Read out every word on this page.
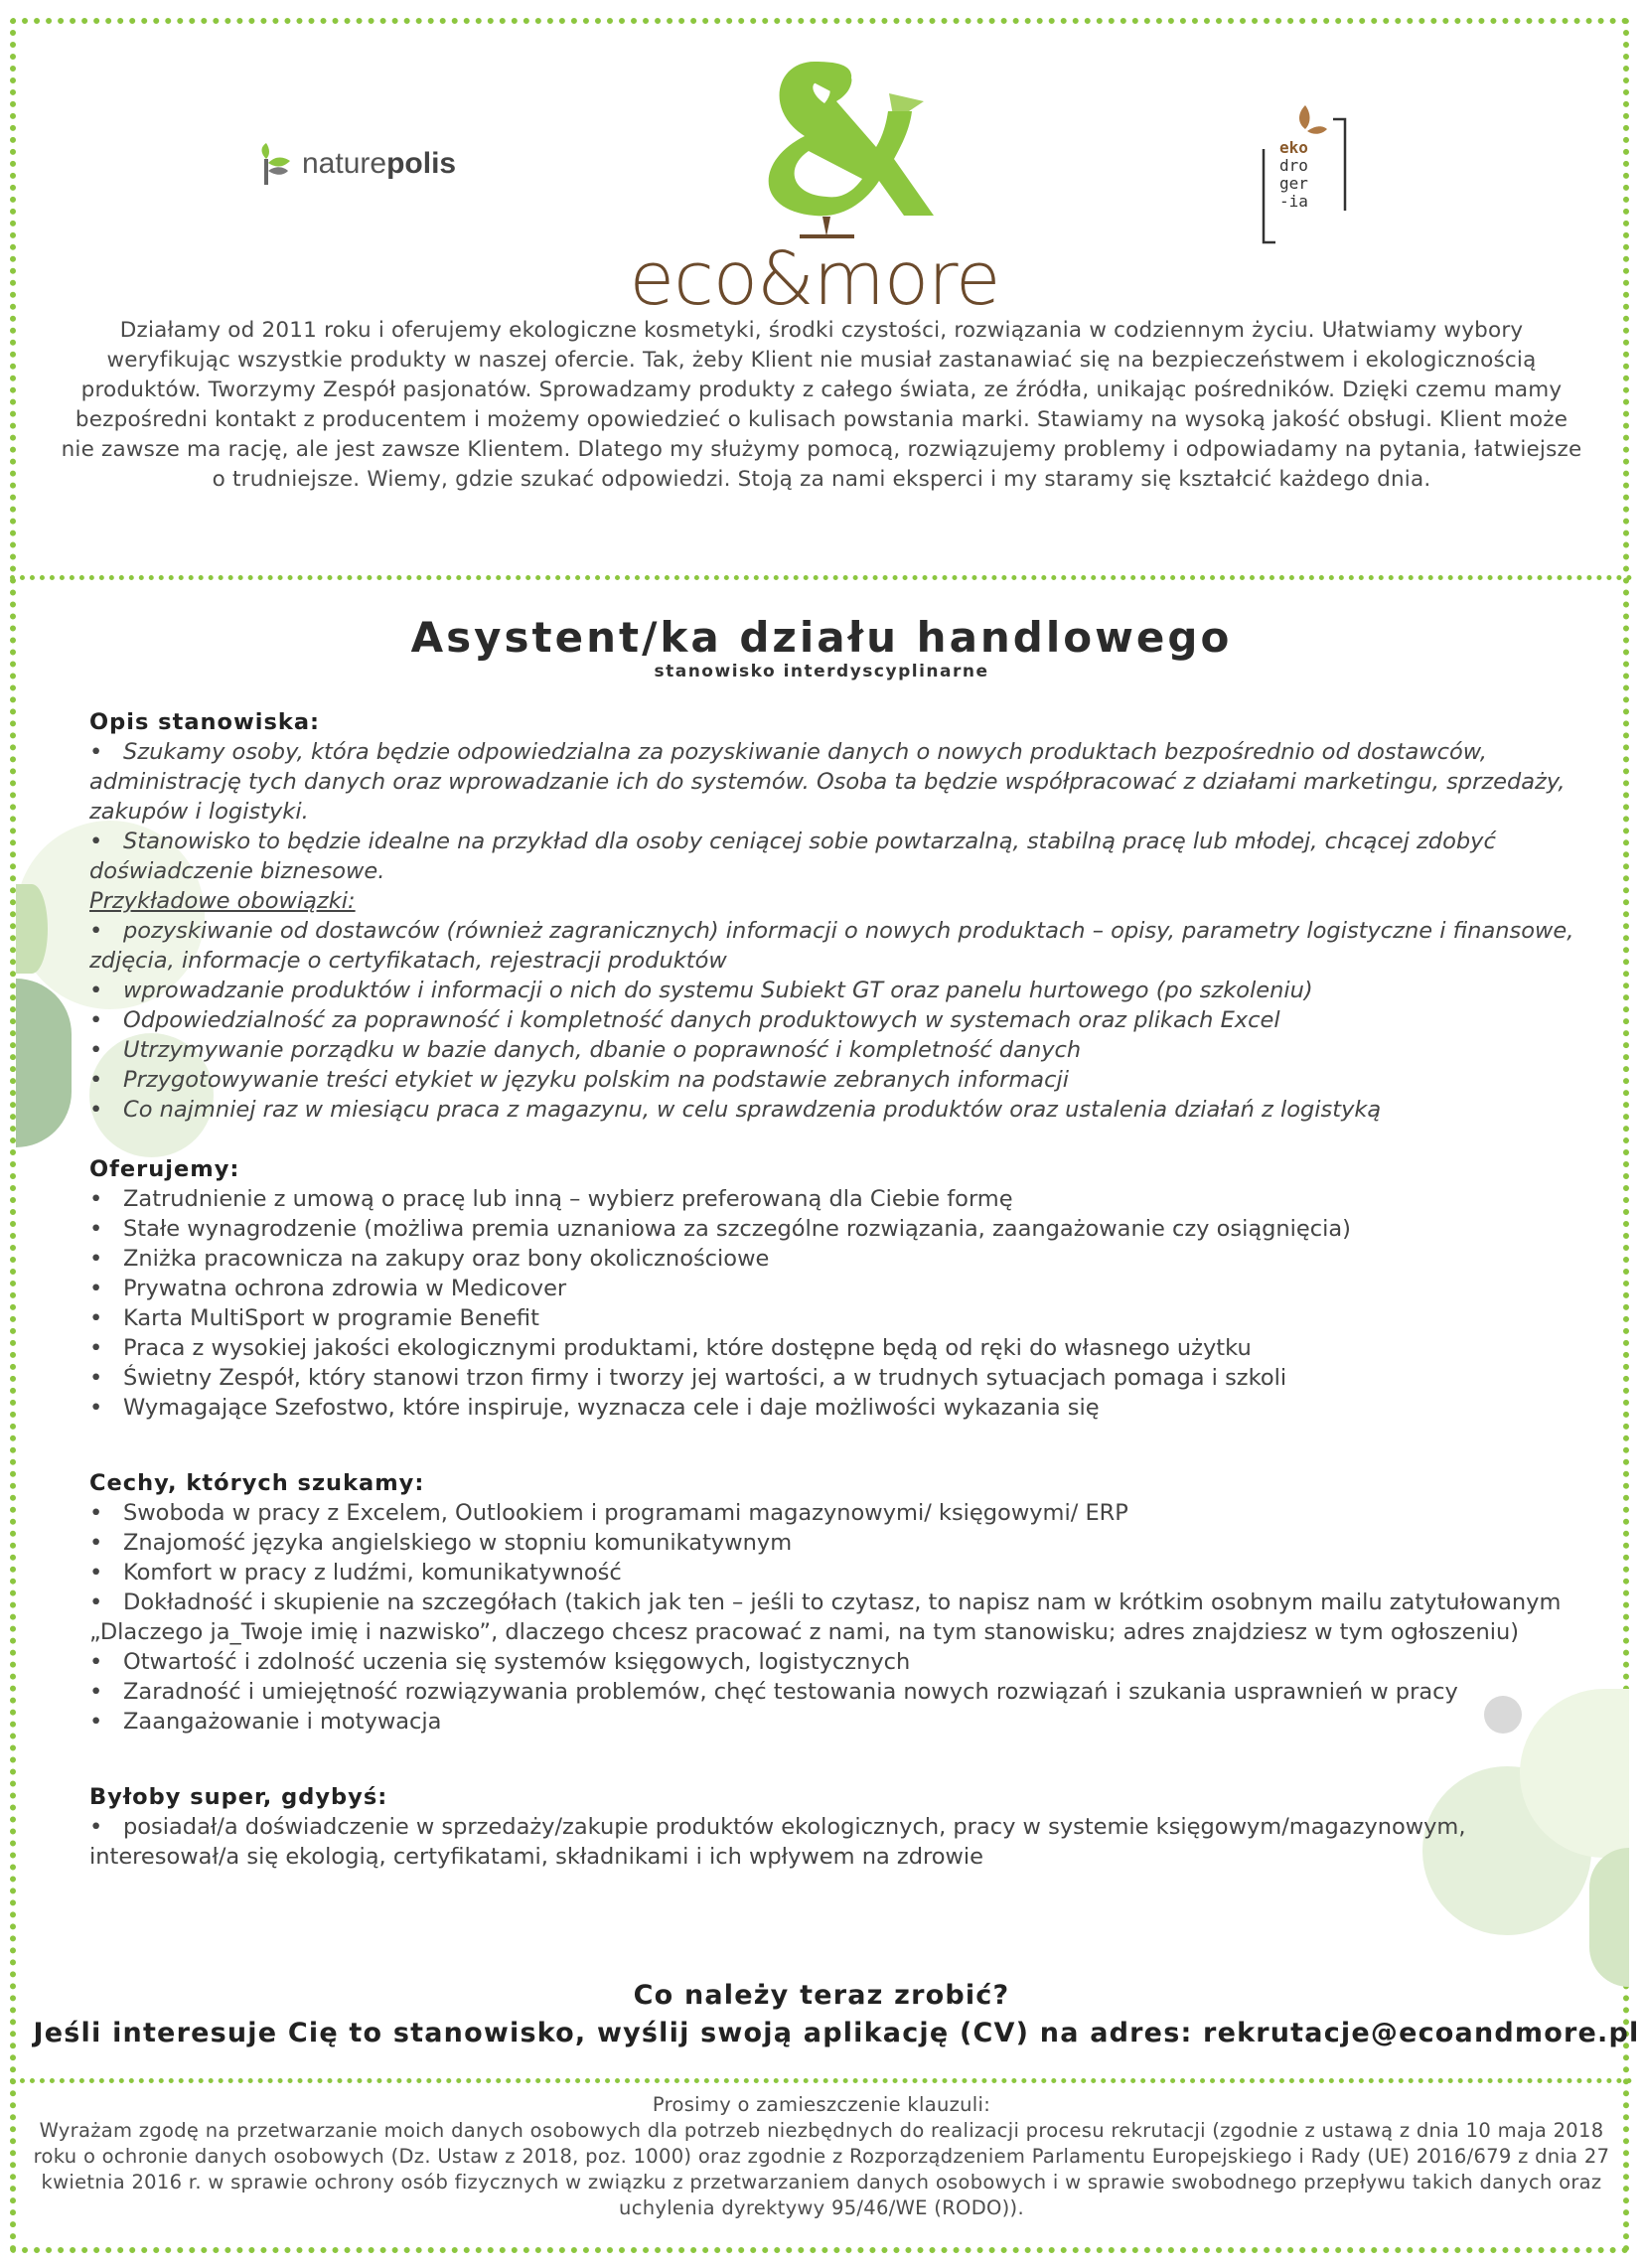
naturepolis
eco&more
eko
dro
ger
-ia
Działamy od 2011 roku i oferujemy ekologiczne kosmetyki, środki czystości, rozwiązania w codziennym życiu. Ułatwiamy wybory weryfikując wszystkie produkty w naszej ofercie. Tak, żeby Klient nie musiał zastanawiać się na bezpieczeństwem i ekologicznością produktów. Tworzymy Zespół pasjonatów. Sprowadzamy produkty z całego świata, ze źródła, unikając pośredników. Dzięki czemu mamy bezpośredni kontakt z producentem i możemy opowiedzieć o kulisach powstania marki. Stawiamy na wysoką jakość obsługi. Klient może nie zawsze ma rację, ale jest zawsze Klientem. Dlatego my służymy pomocą, rozwiązujemy problemy i odpowiadamy na pytania, łatwiejsze o trudniejsze. Wiemy, gdzie szukać odpowiedzi. Stoją za nami eksperci i my staramy się kształcić każdego dnia.
Asystent/ka działu handlowego
stanowisko interdyscyplinarne
Opis stanowiska:
• Szukamy osoby, która będzie odpowiedzialna za pozyskiwanie danych o nowych produktach bezpośrednio od dostawców, administrację tych danych oraz wprowadzanie ich do systemów. Osoba ta będzie współpracować z działami marketingu, sprzedaży, zakupów i logistyki.
• Stanowisko to będzie idealne na przykład dla osoby ceniącej sobie powtarzalną, stabilną pracę lub młodej, chcącej zdobyć doświadczenie biznesowe.
Przykładowe obowiązki:
• pozyskiwanie od dostawców (również zagranicznych) informacji o nowych produktach – opisy, parametry logistyczne i finansowe, zdjęcia, informacje o certyfikatach, rejestracji produktów
• wprowadzanie produktów i informacji o nich do systemu Subiekt GT oraz panelu hurtowego (po szkoleniu)
• Odpowiedzialność za poprawność i kompletność danych produktowych w systemach oraz plikach Excel
• Utrzymywanie porządku w bazie danych, dbanie o poprawność i kompletność danych
• Przygotowywanie treści etykiet w języku polskim na podstawie zebranych informacji
• Co najmniej raz w miesiącu praca z magazynu, w celu sprawdzenia produktów oraz ustalenia działań z logistyką
Oferujemy:
• Zatrudnienie z umową o pracę lub inną – wybierz preferowaną dla Ciebie formę
• Stałe wynagrodzenie (możliwa premia uznaniowa za szczególne rozwiązania, zaangażowanie czy osiągnięcia)
• Zniżka pracownicza na zakupy oraz bony okolicznościowe
• Prywatna ochrona zdrowia w Medicover
• Karta MultiSport w programie Benefit
• Praca z wysokiej jakości ekologicznymi produktami, które dostępne będą od ręki do własnego użytku
• Świetny Zespół, który stanowi trzon firmy i tworzy jej wartości, a w trudnych sytuacjach pomaga i szkoli
• Wymagające Szefostwo, które inspiruje, wyznacza cele i daje możliwości wykazania się
Cechy, których szukamy:
• Swoboda w pracy z Excelem, Outlookiem i programami magazynowymi/ księgowymi/ ERP
• Znajomość języka angielskiego w stopniu komunikatywnym
• Komfort w pracy z ludźmi, komunikatywność
• Dokładność i skupienie na szczegółach (takich jak ten – jeśli to czytasz, to napisz nam w krótkim osobnym mailu zatytułowanym „Dlaczego ja_Twoje imię i nazwisko”, dlaczego chcesz pracować z nami, na tym stanowisku; adres znajdziesz w tym ogłoszeniu)
• Otwartość i zdolność uczenia się systemów księgowych, logistycznych
• Zaradność i umiejętność rozwiązywania problemów, chęć testowania nowych rozwiązań i szukania usprawnień w pracy
• Zaangażowanie i motywacja
Byłoby super, gdybyś:
• posiadał/a doświadczenie w sprzedaży/zakupie produktów ekologicznych, pracy w systemie księgowym/magazynowym, interesował/a się ekologią, certyfikatami, składnikami i ich wpływem na zdrowie
Co należy teraz zrobić?
Jeśli interesuje Cię to stanowisko, wyślij swoją aplikację (CV) na adres: rekrutacje@ecoandmore.pl
Prosimy o zamieszczenie klauzuli:
Wyrażam zgodę na przetwarzanie moich danych osobowych dla potrzeb niezbędnych do realizacji procesu rekrutacji (zgodnie z ustawą z dnia 10 maja 2018 roku o ochronie danych osobowych (Dz. Ustaw z 2018, poz. 1000) oraz zgodnie z Rozporządzeniem Parlamentu Europejskiego i Rady (UE) 2016/679 z dnia 27 kwietnia 2016 r. w sprawie ochrony osób fizycznych w związku z przetwarzaniem danych osobowych i w sprawie swobodnego przepływu takich danych oraz uchylenia dyrektywy 95/46/WE (RODO)).
